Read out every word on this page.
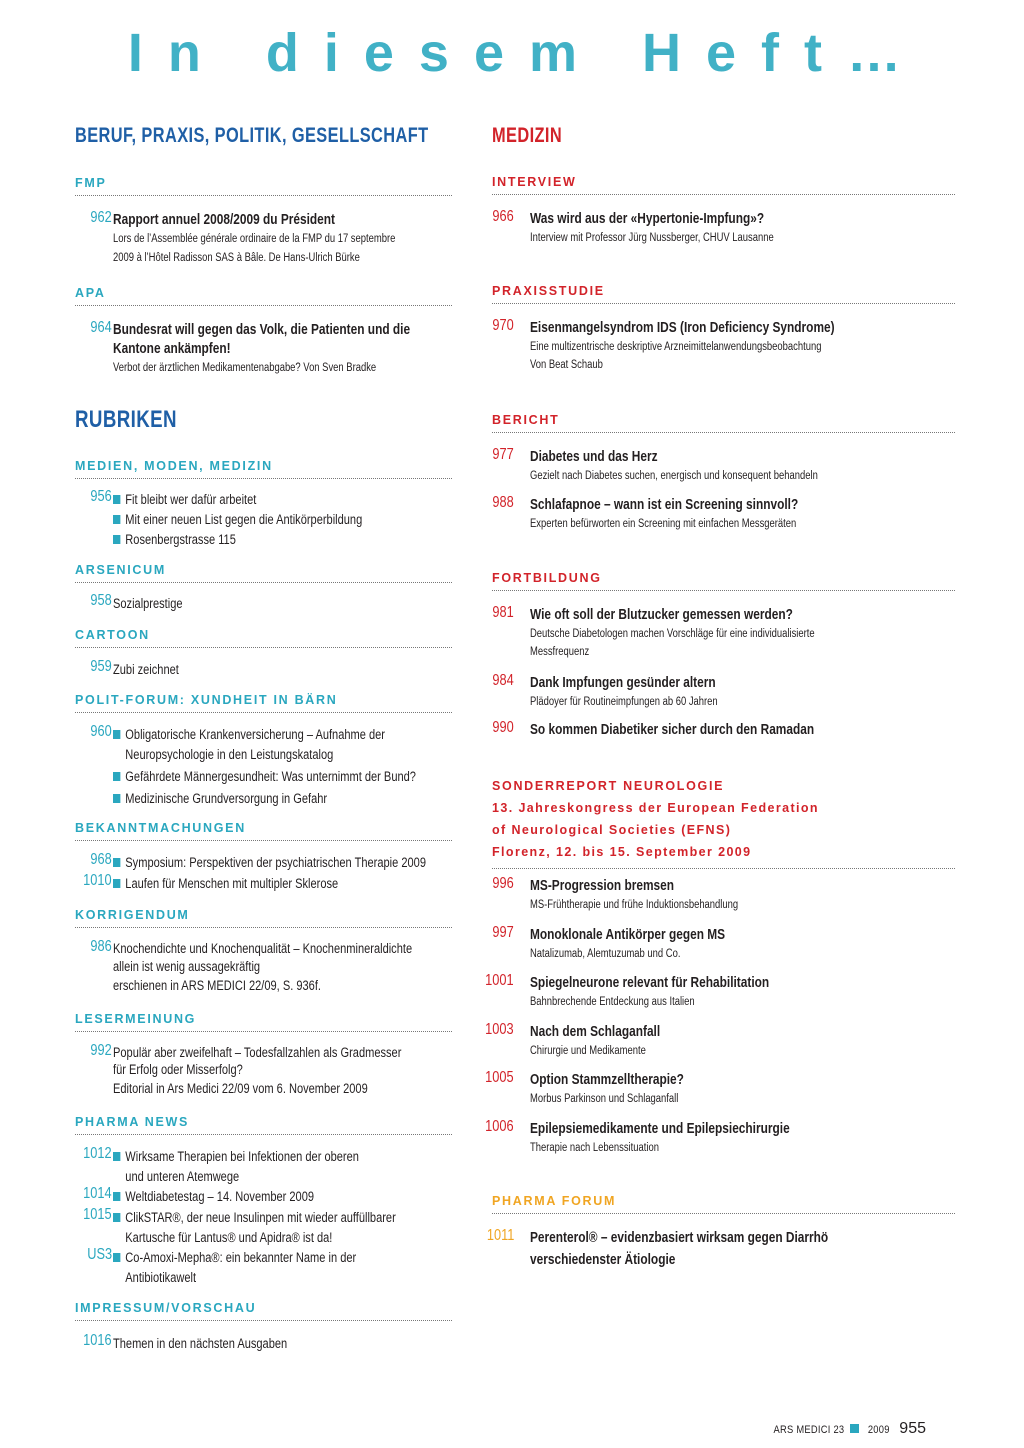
In diesem Heft…
BERUF, PRAXIS, POLITIK, GESELLSCHAFT
FMP
962 Rapport annuel 2008/2009 du Président
Lors de l’Assemblée générale ordinaire de la FMP du 17 septembre
2009 à l’Hôtel Radisson SAS à Bâle. De Hans-Ulrich Bürke
APA
964 Bundesrat will gegen das Volk, die Patienten und die
Kantone ankämpfen!
Verbot der ärztlichen Medikamentenabgabe? Von Sven Bradke
RUBRIKEN
MEDIEN, MODEN, MEDIZIN
956 Fit bleibt wer dafür arbeitet
Mit einer neuen List gegen die Antikörperbildung
Rosenbergstrasse 115
ARSENICUM
958 Sozialprestige
CARTOON
959 Zubi zeichnet
POLIT-FORUM: XUNDHEIT IN BÄRN
960 Obligatorische Krankenversicherung – Aufnahme der
Neuropsychologie in den Leistungskatalog
Gefährdete Männergesundheit: Was unternimmt der Bund?
Medizinische Grundversorgung in Gefahr
BEKANNTMACHUNGEN
968 Symposium: Perspektiven der psychiatrischen Therapie 2009
1010 Laufen für Menschen mit multipler Sklerose
KORRIGENDUM
986 Knochendichte und Knochenqualität – Knochenmineraldichte
allein ist wenig aussagekräftig
erschienen in ARS MEDICI 22/09, S. 936f.
LESERMEINUNG
992 Populär aber zweifelhaft – Todesfallzahlen als Gradmesser
für Erfolg oder Misserfolg?
Editorial in Ars Medici 22/09 vom 6. November 2009
PHARMA NEWS
1012 Wirksame Therapien bei Infektionen der oberen
und unteren Atemwege
1014 Weltdiabetestag – 14. November 2009
1015 ClikSTAR®, der neue Insulinpen mit wieder auffüllbarer
Kartusche für Lantus® und Apidra® ist da!
US3 Co-Amoxi-Mepha®: ein bekannter Name in der
Antibiotikawelt
IMPRESSUM/VORSCHAU
1016 Themen in den nächsten Ausgaben
MEDIZIN
INTERVIEW
966 Was wird aus der «Hypertonie-Impfung»?
Interview mit Professor Jürg Nussberger, CHUV Lausanne
PRAXISSTUDIE
970 Eisenmangelsyndrom IDS (Iron Deficiency Syndrome)
Eine multizentrische deskriptive Arzneimittelanwendungsbeobachtung
Von Beat Schaub
BERICHT
977 Diabetes und das Herz
Gezielt nach Diabetes suchen, energisch und konsequent behandeln
988 Schlafapnoe – wann ist ein Screening sinnvoll?
Experten befürworten ein Screening mit einfachen Messgeräten
FORTBILDUNG
981 Wie oft soll der Blutzucker gemessen werden?
Deutsche Diabetologen machen Vorschläge für eine individualisierte
Messfrequenz
984 Dank Impfungen gesünder altern
Plädoyer für Routineimpfungen ab 60 Jahren
990 So kommen Diabetiker sicher durch den Ramadan
SONDERREPORT NEUROLOGIE
13. Jahreskongress der European Federation
of Neurological Societies (EFNS)
Florenz, 12. bis 15. September 2009
996 MS-Progression bremsen
MS-Frühtherapie und frühe Induktionsbehandlung
997 Monoklonale Antikörper gegen MS
Natalizumab, Alemtuzumab und Co.
1001 Spiegelneurone relevant für Rehabilitation
Bahnbrechende Entdeckung aus Italien
1003 Nach dem Schlaganfall
Chirurgie und Medikamente
1005 Option Stammzelltherapie?
Morbus Parkinson und Schlaganfall
1006 Epilepsiemedikamente und Epilepsiechirurgie
Therapie nach Lebenssituation
PHARMA FORUM
1011 Perenterol® – evidenzbasiert wirksam gegen Diarrhö
verschiedenster Ätiologie
ARS MEDICI 23 2009 955
